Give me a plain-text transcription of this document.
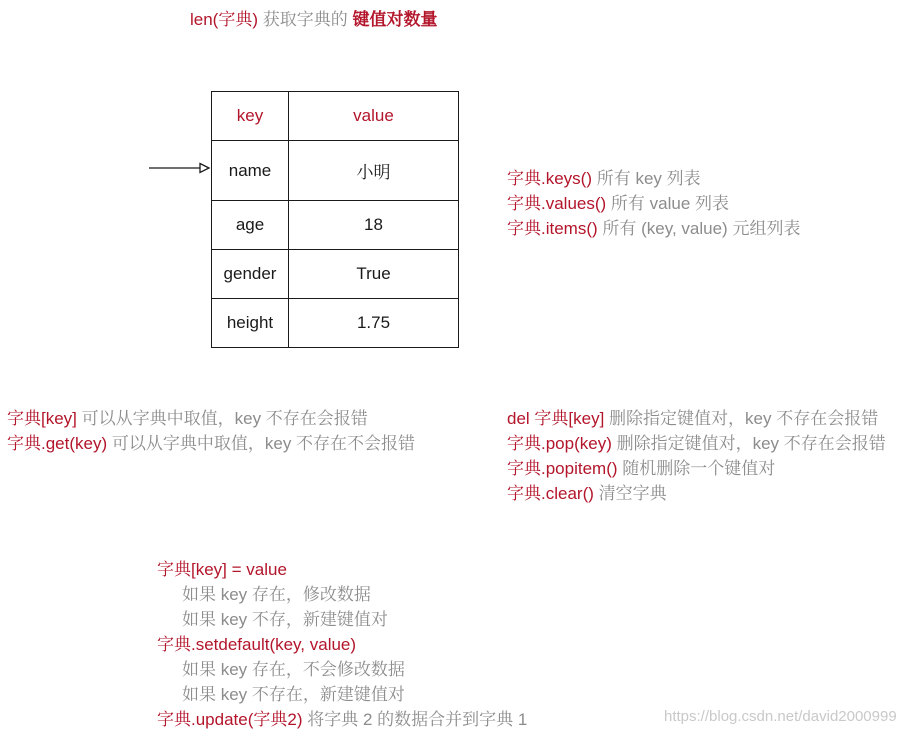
len(字典) 获取字典的 键值对数量
key	value
name	小明
age	18
gender	True
height	1.75
字典.keys() 所有 key 列表
字典.values() 所有 value 列表
字典.items() 所有 (key, value) 元组列表
字典[key] 可以从字典中取值，key 不存在会报错
字典.get(key) 可以从字典中取值，key 不存在不会报错
del 字典[key] 删除指定键值对，key 不存在会报错
字典.pop(key) 删除指定键值对，key 不存在会报错
字典.popitem() 随机删除一个键值对
字典.clear() 清空字典
字典[key] = value
如果 key 存在，修改数据
如果 key 不存，新建键值对
字典.setdefault(key, value)
如果 key 存在，不会修改数据
如果 key 不存在，新建键值对
字典.update(字典2) 将字典 2 的数据合并到字典 1	https://blog.csdn.net/david2000999
